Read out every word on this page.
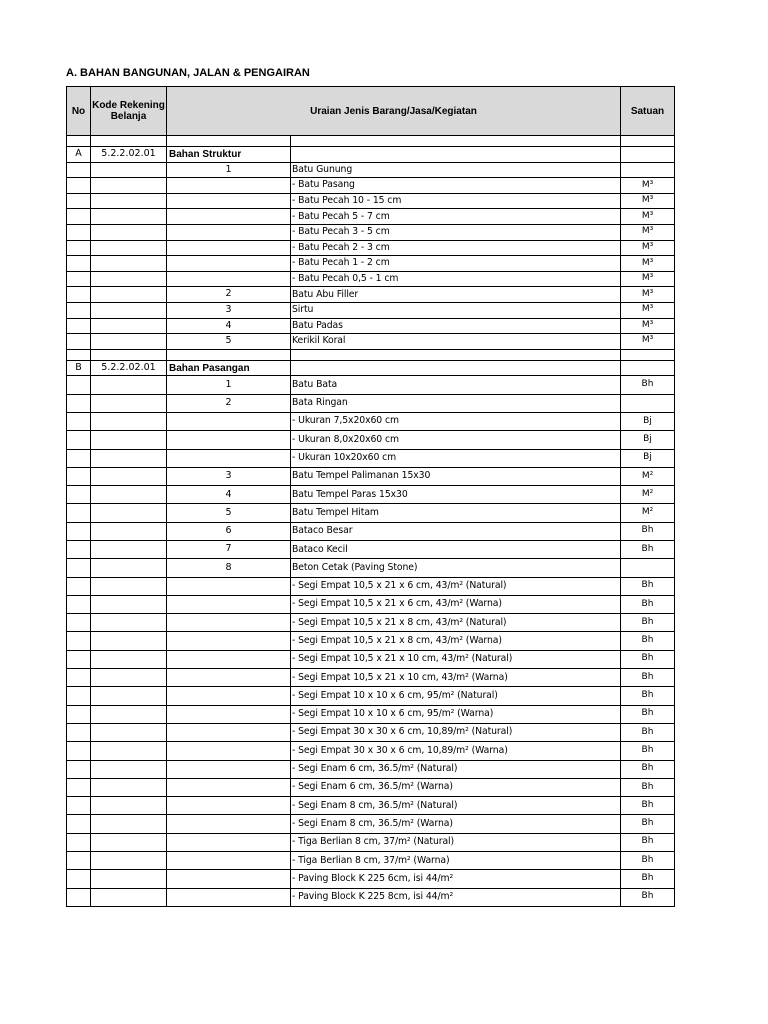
A. BAHAN BANGUNAN, JALAN & PENGAIRAN
No	Kode Rekening Belanja	Uraian Jenis Barang/Jasa/Kegiatan		Satuan

A	5.2.2.02.01	Bahan Struktur		
		1	Batu Gunung	
			- Batu Pasang	M³
			- Batu Pecah 10 - 15 cm	M³
			- Batu Pecah 5 - 7 cm	M³
			- Batu Pecah 3 - 5 cm	M³
			- Batu Pecah 2 - 3 cm	M³
			- Batu Pecah 1 - 2 cm	M³
			- Batu Pecah 0,5 - 1 cm	M³
		2	Batu Abu Filler	M³
		3	Sirtu	M³
		4	Batu Padas	M³
		5	Kerikil Koral	M³

B	5.2.2.02.01	Bahan Pasangan		
		1	Batu Bata	Bh
		2	Bata Ringan	
			- Ukuran 7,5x20x60 cm	Bj
			- Ukuran 8,0x20x60 cm	Bj
			- Ukuran 10x20x60 cm	Bj
		3	Batu Tempel Palimanan 15x30	M²
		4	Batu Tempel Paras 15x30	M²
		5	Batu Tempel Hitam	M²
		6	Bataco Besar	Bh
		7	Bataco Kecil	Bh
		8	Beton Cetak (Paving Stone)	
			- Segi Empat 10,5 x 21 x 6 cm, 43/m² (Natural)	Bh
			- Segi Empat 10,5 x 21 x 6 cm, 43/m² (Warna)	Bh
			- Segi Empat 10,5 x 21 x 8 cm, 43/m² (Natural)	Bh
			- Segi Empat 10,5 x 21 x 8 cm, 43/m² (Warna)	Bh
			- Segi Empat 10,5 x 21 x 10 cm, 43/m² (Natural)	Bh
			- Segi Empat 10,5 x 21 x 10 cm, 43/m² (Warna)	Bh
			- Segi Empat 10 x 10 x 6 cm, 95/m² (Natural)	Bh
			- Segi Empat 10 x 10 x 6 cm, 95/m² (Warna)	Bh
			- Segi Empat 30 x 30 x 6 cm, 10,89/m² (Natural)	Bh
			- Segi Empat 30 x 30 x 6 cm, 10,89/m² (Warna)	Bh
			- Segi Enam 6 cm, 36.5/m² (Natural)	Bh
			- Segi Enam 6 cm, 36.5/m² (Warna)	Bh
			- Segi Enam 8 cm, 36.5/m² (Natural)	Bh
			- Segi Enam 8 cm, 36.5/m² (Warna)	Bh
			- Tiga Berlian 8 cm, 37/m² (Natural)	Bh
			- Tiga Berlian 8 cm, 37/m² (Warna)	Bh
			- Paving Block K 225 6cm, isi 44/m²	Bh
			- Paving Block K 225 8cm, isi 44/m²	Bh
